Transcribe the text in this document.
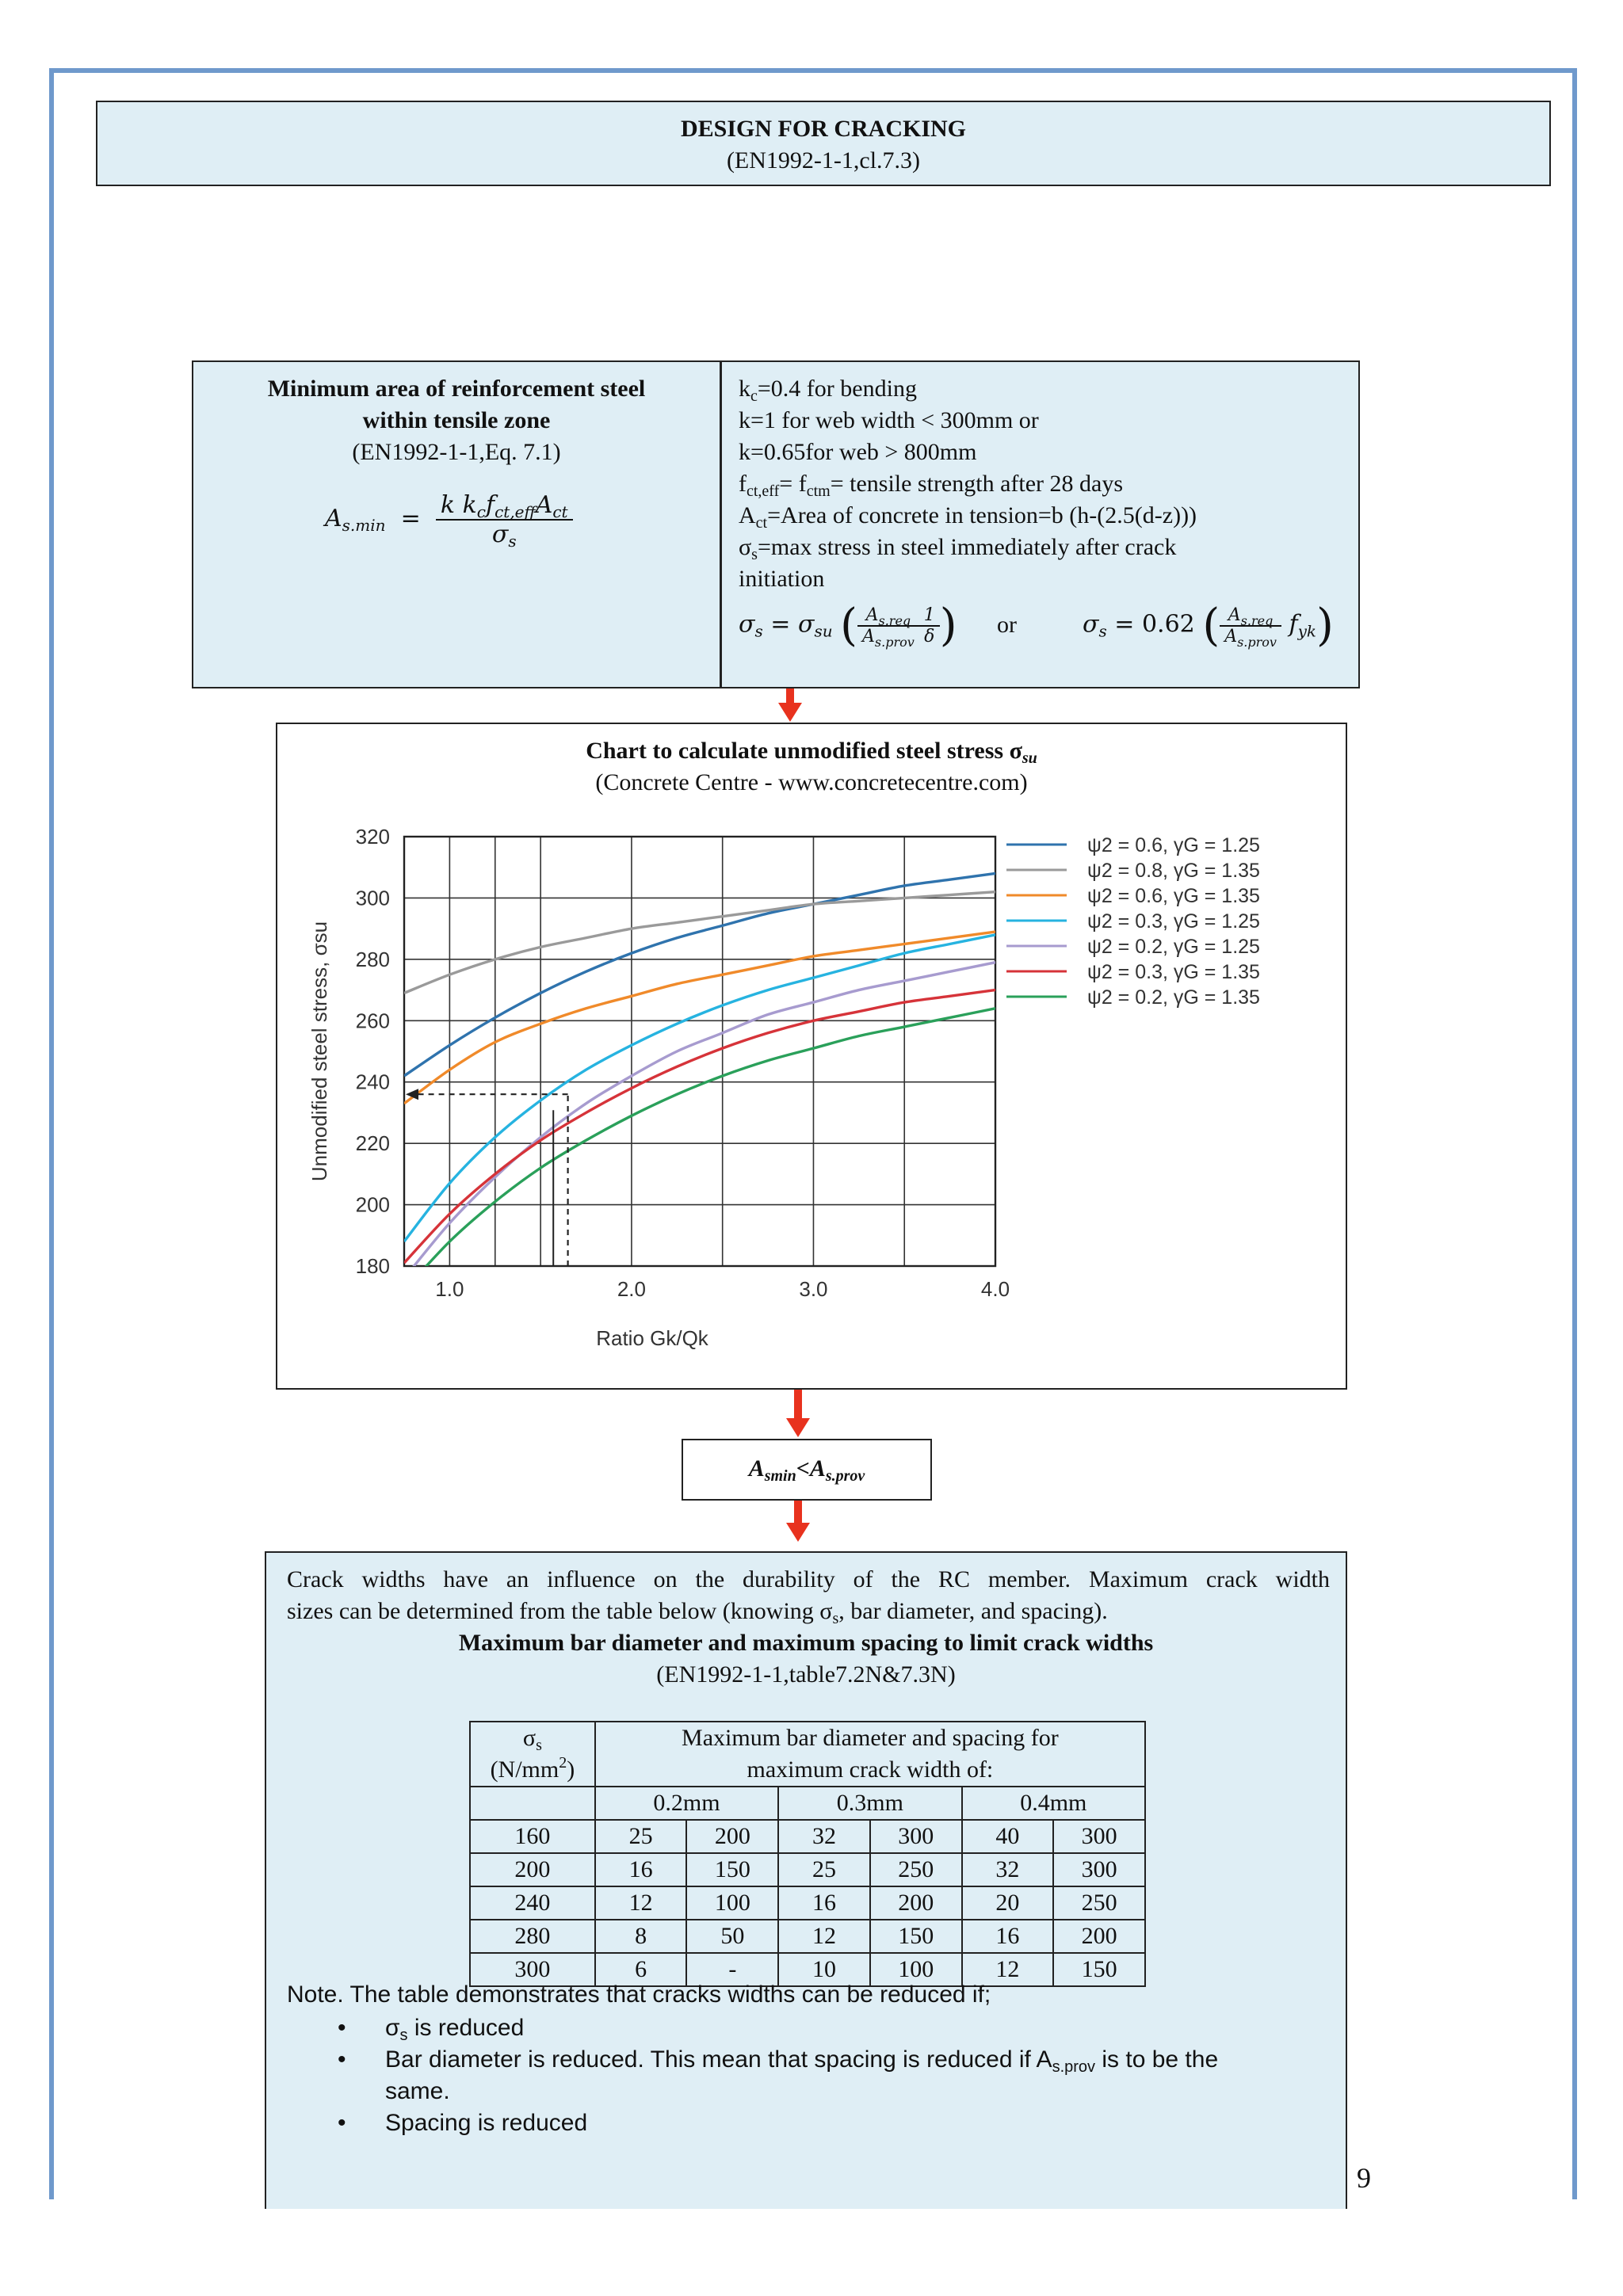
DESIGN FOR CRACKING
(EN1992-1-1,cl.7.3)
Minimum area of reinforcement steel
within tensile zone
(EN1992-1-1,Eq. 7.1)
$A_{s.min} = \frac{k k_cf_{ct,eff}A_{ct}}{\sigma_s}$
$k_c=0.4$ for bending
k=1 for web width < 300mm or
k=0.65for web > 800mm
$f_{ct,eff}= f_{ctm}=$ tensile strength after 28 days
$A_{ct}=Area$ of concrete in tension=b (h-(2.5(d-z)))
$\sigma_s=\max$ stress in steel immediately after crack
initiation
$\sigma_s = \sigma_{su}$ ( $\frac{A_{s.req}}{A_{s.prov}} \frac{1}{\delta}$ ) or	$\sigma_s = 0.62$ ( $\frac{A_{s.req}}{A_{s.prov}} f_{yk}$)
Chart to calculate unmodified steel stress $\sigma_{su}$
(Concrete Centre - www.concretecentre.com)
180
200
220
240
260
280
300
320
1.0	2.0	3.0	4.0
Ratio Gk/Qk
Unmodified steel stress, σsu
ψ2 = 0.6, γG = 1.25
ψ2 = 0.8, γG = 1.35
ψ2 = 0.6, γG = 1.35
ψ2 = 0.3, γG = 1.25
ψ2 = 0.2, γG = 1.25
ψ2 = 0.3, γG = 1.35
ψ2 = 0.2, γG = 1.35
$A_{smin}<A_{s.prov}$
Crack widths have an influence on the durability of the RC member. Maximum crack width
sizes can be determined from the table below (knowing $\sigma_s$, bar diameter, and spacing).
Maximum bar diameter and maximum spacing to limit crack widths
(EN1992-1-1,table7.2N&7.3N)
$\sigma_s$
$(N/mm^2)$	Maximum bar diameter and spacing for
maximum crack width of:					

	0.2mm		0.3mm		0.4mm	
160	25	200	32	300	40	300
200	16	150	25	250	32	300
240	12	100	16	200	20	250
280	8	50	12	150	16	200
300	6	-	10	100	12	150
Note. The table demonstrates that cracks widths can be reduced if;
• $\sigma_s$ is reduced
• Bar diameter is reduced. This mean that spacing is reduced if $A_{s.prov}$ is to be the
same.
• Spacing is reduced
9
